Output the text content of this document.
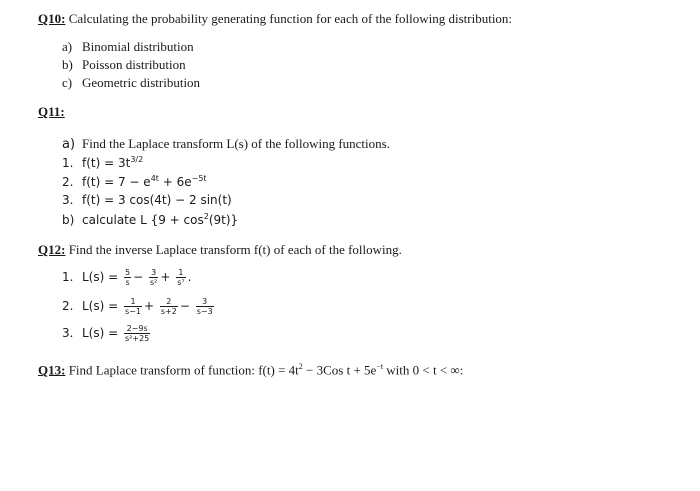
Q10: Calculating the probability generating function for each of the following distribution:
a) Binomial distribution
b) Poisson distribution
c) Geometric distribution
Q11:
a) Find the Laplace transform L(s) of the following functions.
1. $f(t) = 3t^{3/2}$
2. $f(t) = 7 - e^{4t} + 6e^{-5t}$
3. f(t) = 3 cos(4t) − 2 sin(t)
b) calculate L $\{9 + \cos^2(9t)\}$
Q12: Find the inverse Laplace transform f(t) of each of the following.
1. $L(s) = \frac{5}{s} - \frac{3}{\text{s²}} + \frac{1}{\text{s⁷}}$ .
2. $L(s) = \frac{1}{s-1} + \frac{2}{s+2} - \frac{3}{s-3}$
3. $L(s) = \frac{2-9s}{\text{s²+25}}$
Q13: Find Laplace transform of function: $f(t) = 4t^2 - 3Cos$ $t + 5e^{-t}$ with 0 < t < ∞:
